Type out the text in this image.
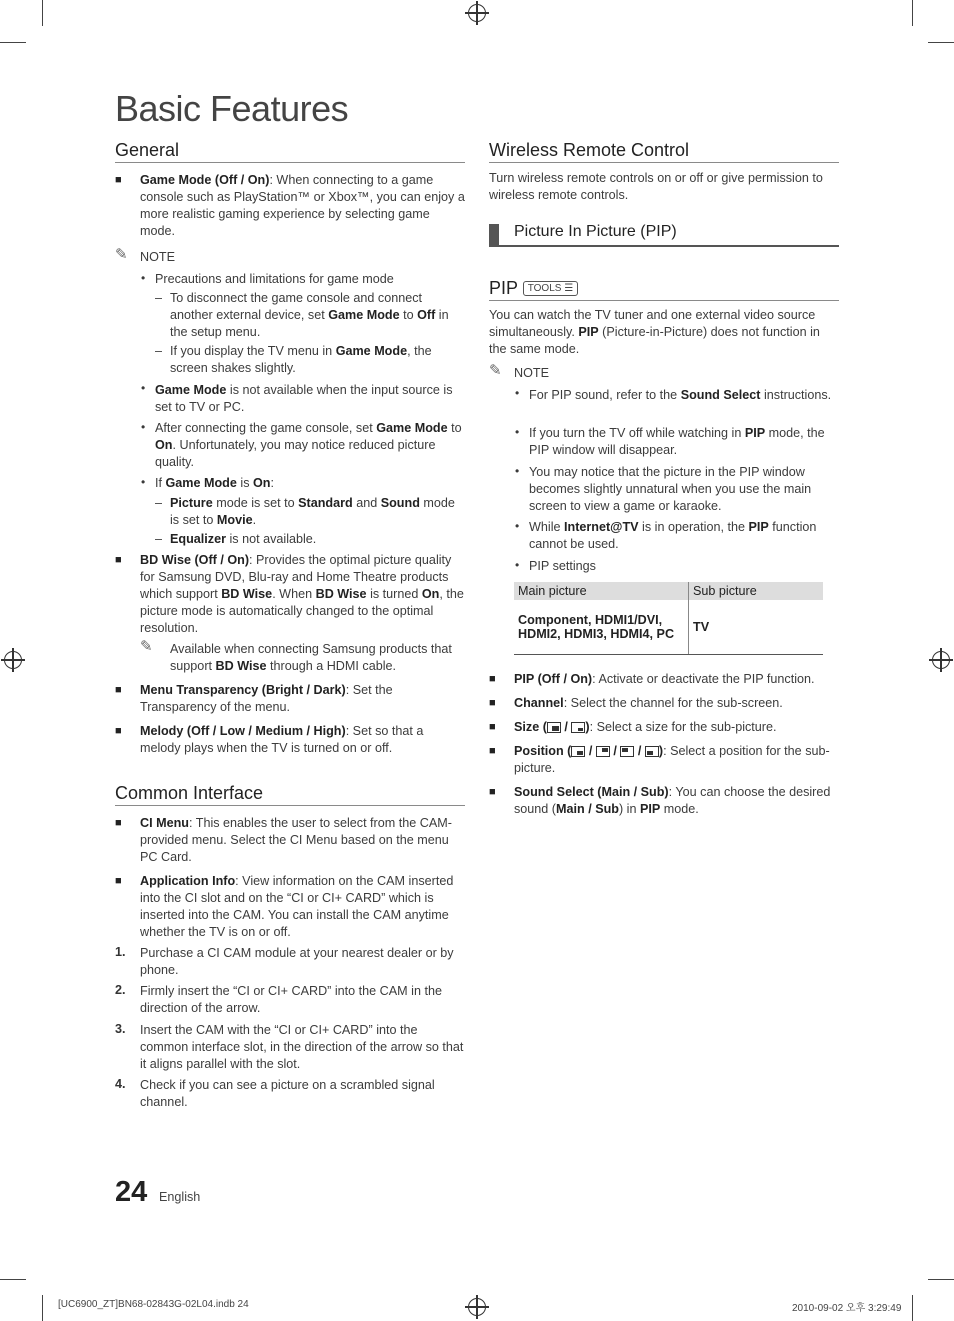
Basic Features
General
■ Game Mode (Off / On): When connecting to a game console such as PlayStation™ or Xbox™, you can enjoy a more realistic gaming experience by selecting game mode.
✎ NOTE
• Precautions and limitations for game mode
– To disconnect the game console and connect another external device, set Game Mode to Off in the setup menu.
– If you display the TV menu in Game Mode, the screen shakes slightly.
• Game Mode is not available when the input source is set to TV or PC.
• After connecting the game console, set Game Mode to On. Unfortunately, you may notice reduced picture quality.
• If Game Mode is On:
– Picture mode is set to Standard and Sound mode is set to Movie.
– Equalizer is not available.
■ BD Wise (Off / On): Provides the optimal picture quality for Samsung DVD, Blu-ray and Home Theatre products which support BD Wise. When BD Wise is turned On, the picture mode is automatically changed to the optimal resolution.
✎ Available when connecting Samsung products that support BD Wise through a HDMI cable.
■ Menu Transparency (Bright / Dark): Set the Transparency of the menu.
■ Melody (Off / Low / Medium / High): Set so that a melody plays when the TV is turned on or off.
Common Interface
■ CI Menu: This enables the user to select from the CAM-provided menu. Select the CI Menu based on the menu PC Card.
■ Application Info: View information on the CAM inserted into the CI slot and on the “CI or CI+ CARD” which is inserted into the CAM. You can install the CAM anytime whether the TV is on or off.
1. Purchase a CI CAM module at your nearest dealer or by phone.
2. Firmly insert the “CI or CI+ CARD” into the CAM in the direction of the arrow.
3. Insert the CAM with the “CI or CI+ CARD” into the common interface slot, in the direction of the arrow so that it aligns parallel with the slot.
4. Check if you can see a picture on a scrambled signal channel.
Wireless Remote Control
Turn wireless remote controls on or off or give permission to wireless remote controls.
Picture In Picture (PIP)
PIP TOOLS ☰
You can watch the TV tuner and one external video source simultaneously. PIP (Picture-in-Picture) does not function in the same mode.
✎ NOTE
• For PIP sound, refer to the Sound Select instructions.
• If you turn the TV off while watching in PIP mode, the PIP window will disappear.
• You may notice that the picture in the PIP window becomes slightly unnatural when you use the main screen to view a game or karaoke.
• While Internet@TV is in operation, the PIP function cannot be used.
• PIP settings
Main picture	Sub picture
Component, HDMI1/DVI, HDMI2, HDMI3, HDMI4, PC	TV
■ PIP (Off / On): Activate or deactivate the PIP function.
■ Channel: Select the channel for the sub-screen.
■ Size (
/
): Select a size for the sub-picture.
■ Position (
/
/
/
): Select a position for the sub-picture.
■ Sound Select (Main / Sub): You can choose the desired sound (Main / Sub) in PIP mode.
24 English
[UC6900_ZT]BN68-02843G-02L04.indb 24	2010-09-02 오후 3:29:49
